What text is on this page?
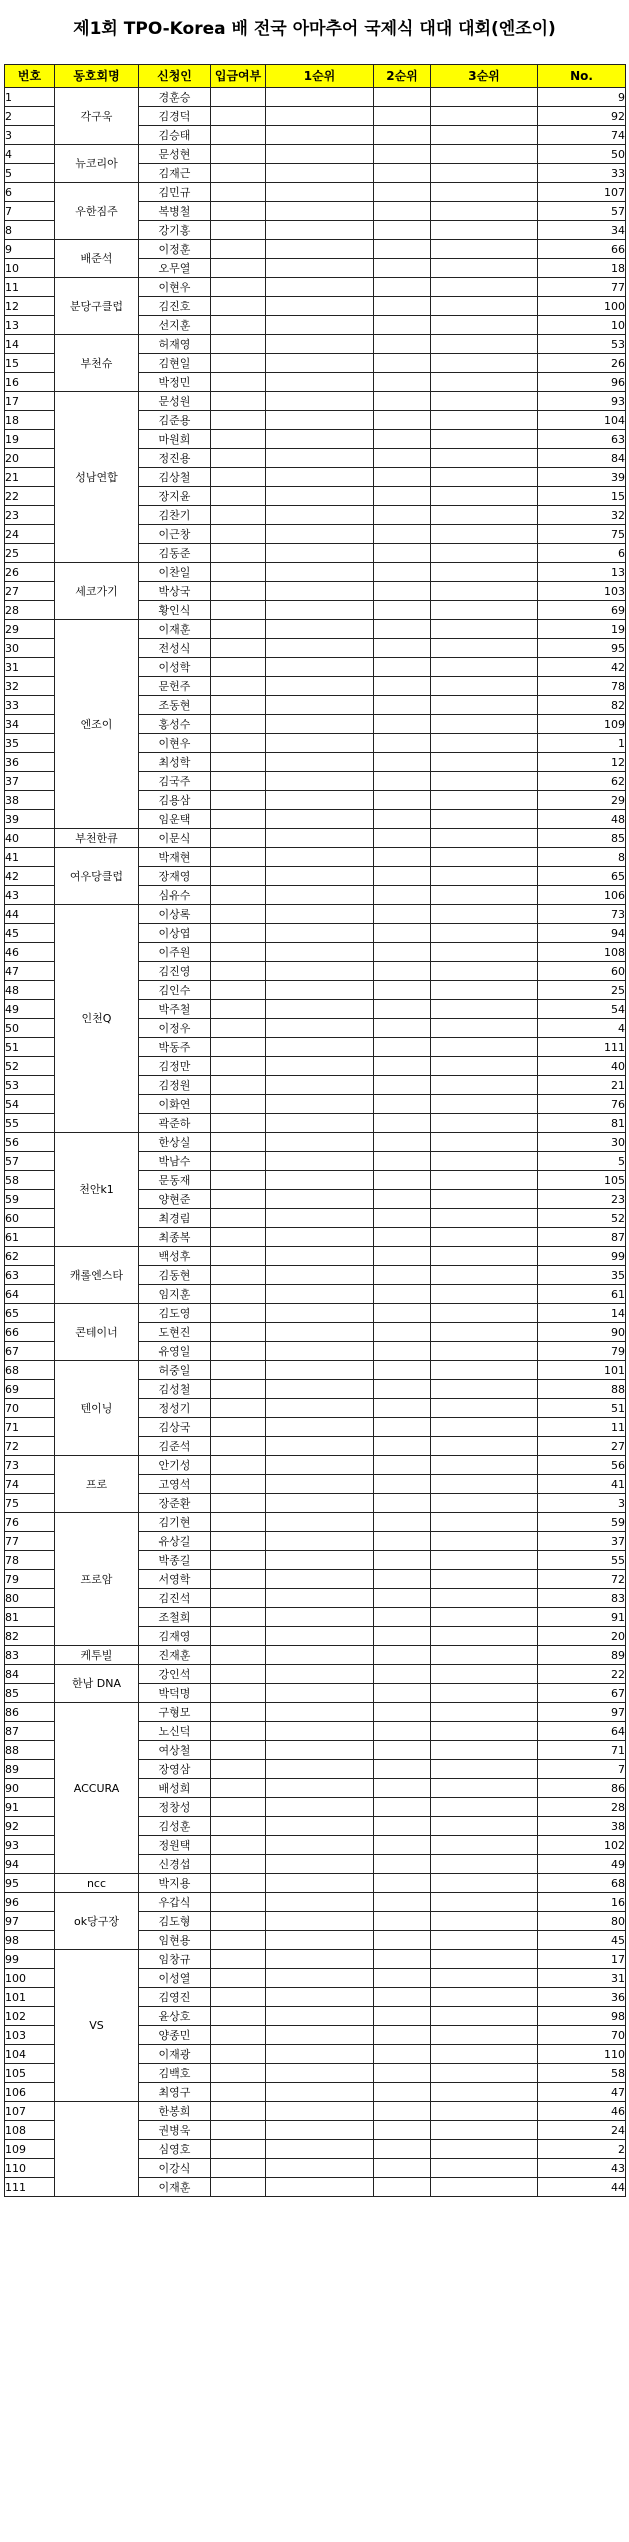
제1회 TPO-Korea 배 전국 아마추어 국제식 대대 대회(엔조이)
번호	동호회명	신청인	입금여부	1순위	2순위	3순위	No.
1	각구욱	경훈승					9
2		김경덕					92
3		김승태					74
4	뉴코리아	문성현					50
5		김재근					33
6	우한짐주	김민규					107
7		복병철					57
8		강기홍					34
9	배준석	이정훈					66
10		오무열					18
11	분당구클럽	이현우					77
12		김진호					100
13		선지훈					10
14	부천슈	허재영					53
15		김현일					26
16		박정민					96
17	성남연합	문성원					93
18		김준용					104
19		마원희					63
20		정진용					84
21		김상철					39
22		장지윤					15
23		김찬기					32
24		이근창					75
25		김동준					6
26	세코가기	이찬일					13
27		박상국					103
28		황인식					69
29	엔조이	이재훈					19
30		전성식					95
31		이성학					42
32		문헌주					78
33		조동현					82
34		홍성수					109
35		이현우					1
36		최성학					12
37		김국주					62
38		김용삼					29
39		임운택					48
40	부천한큐	이문식					85
41	여우당클럽	박재현					8
42		장재영					65
43		심유수					106
44	인천Q	이상록					73
45		이상엽					94
46		이주원					108
47		김진영					60
48		김인수					25
49		박주철					54
50		이정우					4
51		박동주					111
52		김정만					40
53		김정원					21
54		이화연					76
55		곽준하					81
56	천안k1	한상실					30
57		박남수					5
58		문동재					105
59		양현준					23
60		최경림					52
61		최종복					87
62	캐롤엔스타	백성후					99
63		김동현					35
64		임지훈					61
65	콘테이너	김도영					14
66		도현진					90
67		유영일					79
68	텐이닝	허중일					101
69		김성철					88
70		정성기					51
71		김상국					11
72		김준석					27
73	프로	안기성					56
74		고영석					41
75		장준환					3
76	프로암	김기현					59
77		유상길					37
78		박종길					55
79		서영학					72
80		김진석					83
81		조철희					91
82		김재영					20
83	케투빌	진재훈					89
84	한남 DNA	강인석					22
85		박덕명					67
86	ACCURA	구형모					97
87		노신덕					64
88		여상철					71
89		장영삼					7
90		배성희					86
91		정창성					28
92		김성훈					38
93		정원택					102
94		신경섭					49
95	ncc	박지용					68
96	ok당구장	우갑식					16
97		김도형					80
98		임현용					45
99	VS	임창규					17
100		이성열					31
101		김영진					36
102		윤상호					98
103		양종민					70
104		이재광					110
105		김백호					58
106		최영구					47
107		한봉희					46
108		권병욱					24
109		심영호					2
110		이강식					43
111		이재훈					44
